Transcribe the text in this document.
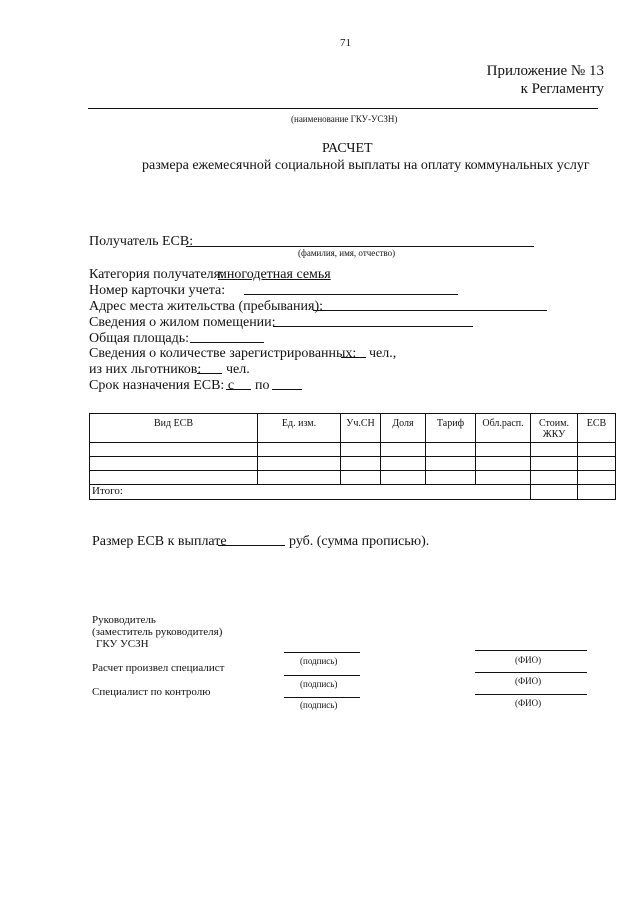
71
Приложение № 13
к Регламенту
(наименование ГКУ-УСЗН)
РАСЧЕТ
размера ежемесячной социальной выплаты на оплату коммунальных услуг
Получатель ЕСВ:
(фамилия, имя, отчество)
Категория получателя:
многодетная семья
Номер карточки учета:
Адрес места жительства (пребывания):
Сведения о жилом помещении:
Общая площадь:
Сведения о количестве зарегистрированных: чел.,
из них льготников: чел.
Срок назначения ЕСВ: с по
Вид ЕСВ	Ед. изм.	Уч.СН	Доля	Тариф	Обл.расп.	Стоим. ЖКУ	ЕСВ

Итого:							
Размер ЕСВ к выплате	руб. (сумма прописью).
Руководитель
(заместитель руководителя)
ГКУ УСЗН
(подпись)	(ФИО)
Расчет произвел специалист
(подпись)	(ФИО)
Специалист по контролю
(подпись)	(ФИО)
